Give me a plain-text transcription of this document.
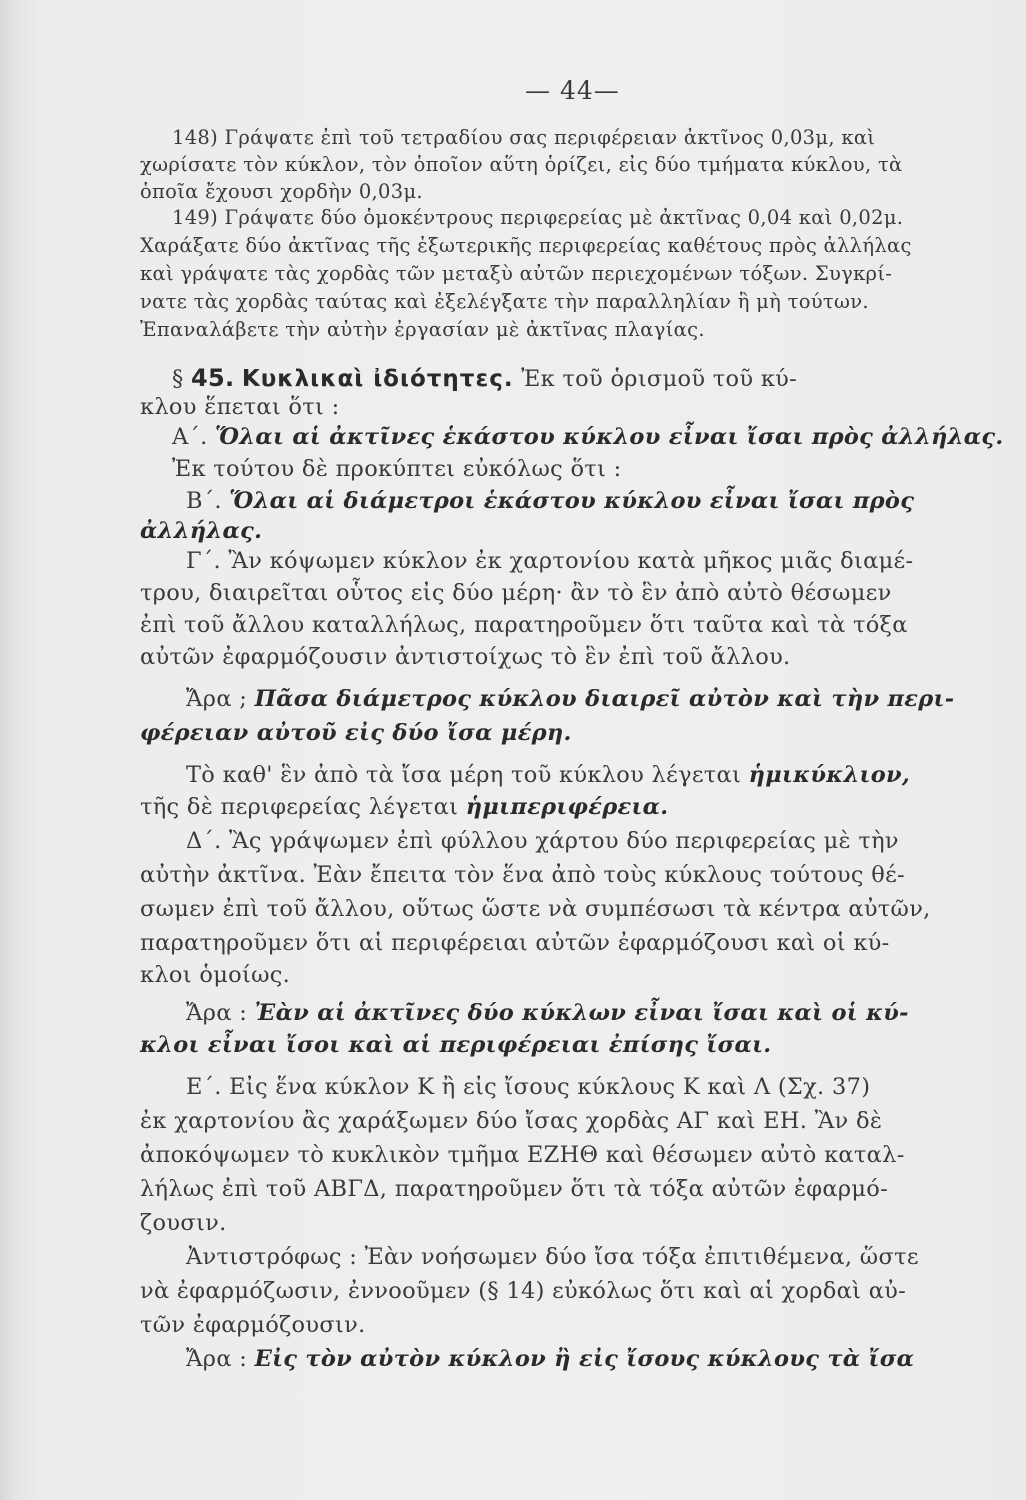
— 44—
148) Γράψατε ἐπὶ τοῦ τετραδίου σας περιφέρειαν ἀκτῖνος 0,03μ, καὶ
χωρίσατε τὸν κύκλον, τὸν ὁποῖον αὕτη ὁρίζει, εἰς δύο τμήματα κύκλου, τὰ
ὁποῖα ἔχουσι χορδὴν 0,03μ.
149) Γράψατε δύο ὁμοκέντρους περιφερείας μὲ ἀκτῖνας 0,04 καὶ 0,02μ.
Χαράξατε δύο ἀκτῖνας τῆς ἐξωτερικῆς περιφερείας καθέτους πρὸς ἀλλήλας
καὶ γράψατε τὰς χορδὰς τῶν μεταξὺ αὐτῶν περιεχομένων τόξων. Συγκρί-
νατε τὰς χορδὰς ταύτας καὶ ἐξελέγξατε τὴν παραλληλίαν ἢ μὴ τούτων.
Ἐπαναλάβετε τὴν αὐτὴν ἐργασίαν μὲ ἀκτῖνας πλαγίας.
§ 45. Κυκλικαὶ ἰδιότητες. Ἐκ τοῦ ὁρισμοῦ τοῦ κύ-
κλου ἕπεται ὅτι :
Α΄. Ὅλαι αἱ ἀκτῖνες ἑκάστου κύκλου εἶναι ἴσαι πρὸς ἀλλήλας.
Ἐκ τούτου δὲ προκύπτει εὐκόλως ὅτι :
Β΄. Ὅλαι αἱ διάμετροι ἑκάστου κύκλου εἶναι ἴσαι πρὸς
ἀλλήλας.
Γ΄. Ἂν κόψωμεν κύκλον ἐκ χαρτονίου κατὰ μῆκος μιᾶς διαμέ-
τρου, διαιρεῖται οὗτος εἰς δύο μέρη· ἂν τὸ ἓν ἀπὸ αὐτὸ θέσωμεν
ἐπὶ τοῦ ἄλλου καταλλήλως, παρατηροῦμεν ὅτι ταῦτα καὶ τὰ τόξα
αὐτῶν ἐφαρμόζουσιν ἀντιστοίχως τὸ ἓν ἐπὶ τοῦ ἄλλου.
Ἄρα ; Πᾶσα διάμετρος κύκλου διαιρεῖ αὐτὸν καὶ τὴν περι-
φέρειαν αὐτοῦ εἰς δύο ἴσα μέρη.
Τὸ καθ' ἓν ἀπὸ τὰ ἴσα μέρη τοῦ κύκλου λέγεται ἡμικύκλιον,
τῆς δὲ περιφερείας λέγεται ἡμιπεριφέρεια.
Δ΄. Ἂς γράψωμεν ἐπὶ φύλλου χάρτου δύο περιφερείας μὲ τὴν
αὐτὴν ἀκτῖνα. Ἐὰν ἔπειτα τὸν ἕνα ἀπὸ τοὺς κύκλους τούτους θέ-
σωμεν ἐπὶ τοῦ ἄλλου, οὕτως ὥστε νὰ συμπέσωσι τὰ κέντρα αὐτῶν,
παρατηροῦμεν ὅτι αἱ περιφέρειαι αὐτῶν ἐφαρμόζουσι καὶ οἱ κύ-
κλοι ὁμοίως.
Ἄρα : Ἐὰν αἱ ἀκτῖνες δύο κύκλων εἶναι ἴσαι καὶ οἱ κύ-
κλοι εἶναι ἴσοι καὶ αἱ περιφέρειαι ἐπίσης ἴσαι.
Ε΄. Εἰς ἕνα κύκλον Κ ἢ εἰς ἴσους κύκλους Κ καὶ Λ (Σχ. 37)
ἐκ χαρτονίου ἂς χαράξωμεν δύο ἴσας χορδὰς ΑΓ καὶ ΕΗ. Ἂν δὲ
ἀποκόψωμεν τὸ κυκλικὸν τμῆμα ΕΖΗΘ καὶ θέσωμεν αὐτὸ καταλ-
λήλως ἐπὶ τοῦ ΑΒΓΔ, παρατηροῦμεν ὅτι τὰ τόξα αὐτῶν ἐφαρμό-
ζουσιν.
Ἀντιστρόφως : Ἐὰν νοήσωμεν δύο ἴσα τόξα ἐπιτιθέμενα, ὥστε
νὰ ἐφαρμόζωσιν, ἐννοοῦμεν (§ 14) εὐκόλως ὅτι καὶ αἱ χορδαὶ αὐ-
τῶν ἐφαρμόζουσιν.
Ἄρα : Εἰς τὸν αὐτὸν κύκλον ἢ εἰς ἴσους κύκλους τὰ ἴσα
